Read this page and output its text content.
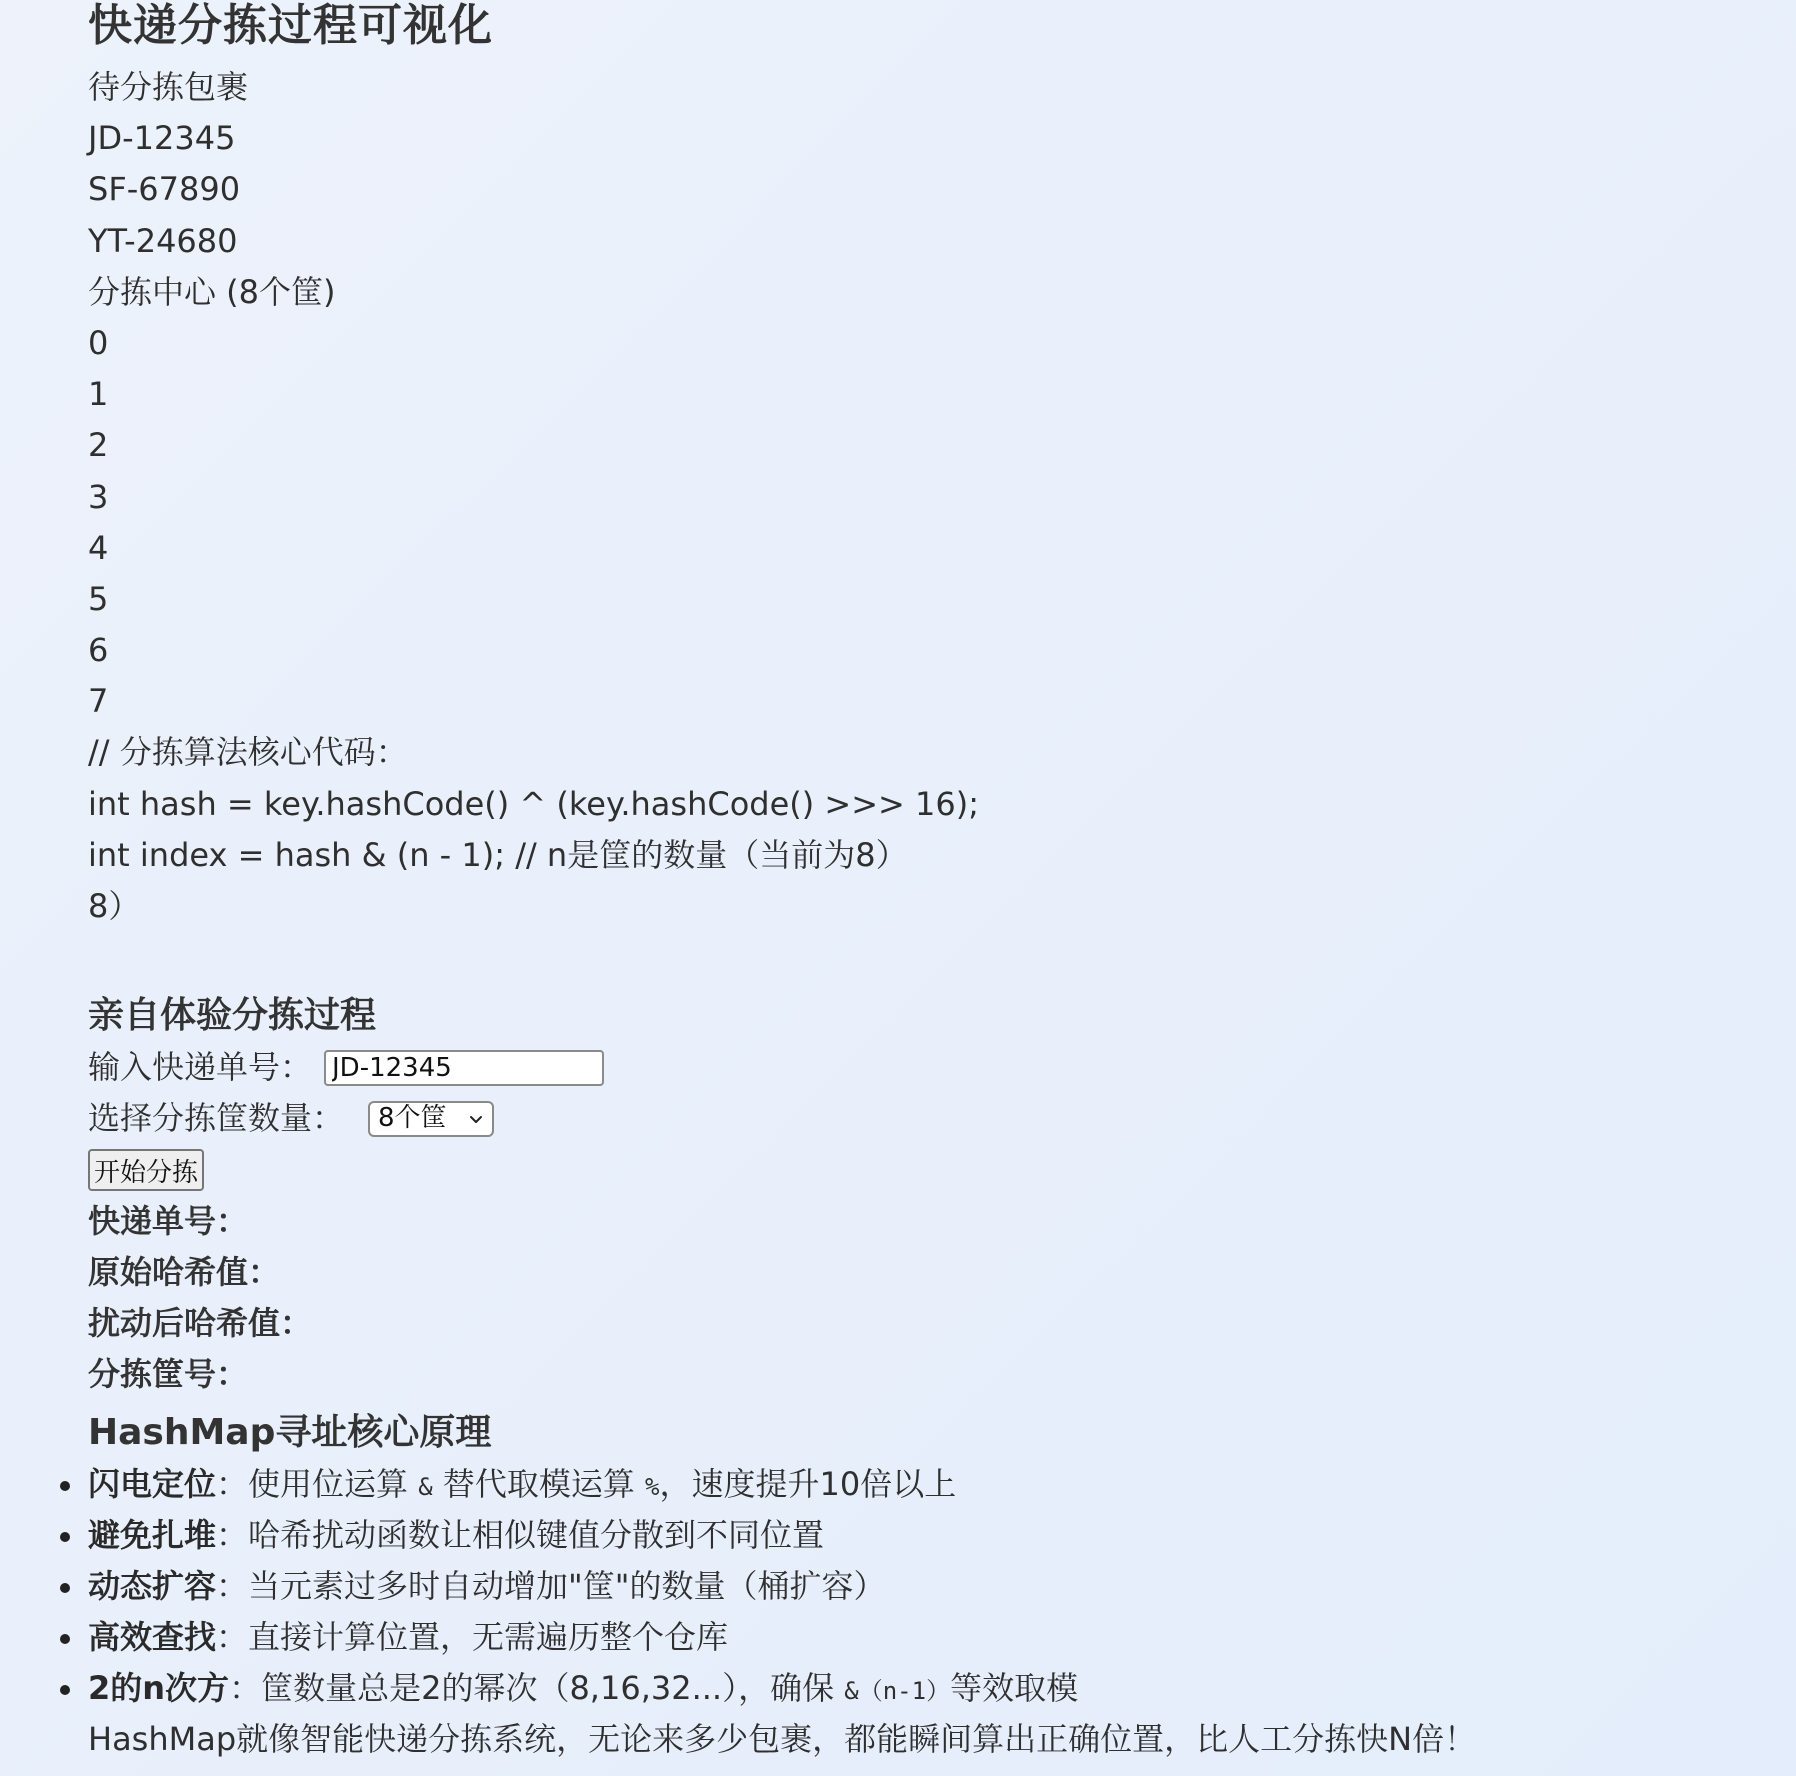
快递分拣过程可视化
待分拣包裹
JD-12345
SF-67890
YT-24680
分拣中心 (8个筐)
0
1
2
3
4
5
6
7
// 分拣算法核心代码：
int hash = key.hashCode() ^ (key.hashCode() >>> 16);
int index = hash & (n - 1); // n是筐的数量（当前为8）
8）
亲自体验分拣过程
输入快递单号：
JD-12345
选择分拣筐数量： 8个筐
开始分拣
快递单号：
原始哈希值：
扰动后哈希值：
分拣筐号：
HashMap寻址核心原理
闪电定位：使用位运算 & 替代取模运算 %，速度提升10倍以上
避免扎堆：哈希扰动函数让相似键值分散到不同位置
动态扩容：当元素过多时自动增加"筐"的数量（桶扩容）
高效查找：直接计算位置，无需遍历整个仓库
2的n次方：筐数量总是2的幂次（8,16,32...），确保 &（n-1）等效取模
HashMap就像智能快递分拣系统，无论来多少包裹，都能瞬间算出正确位置，比人工分拣快N倍！
